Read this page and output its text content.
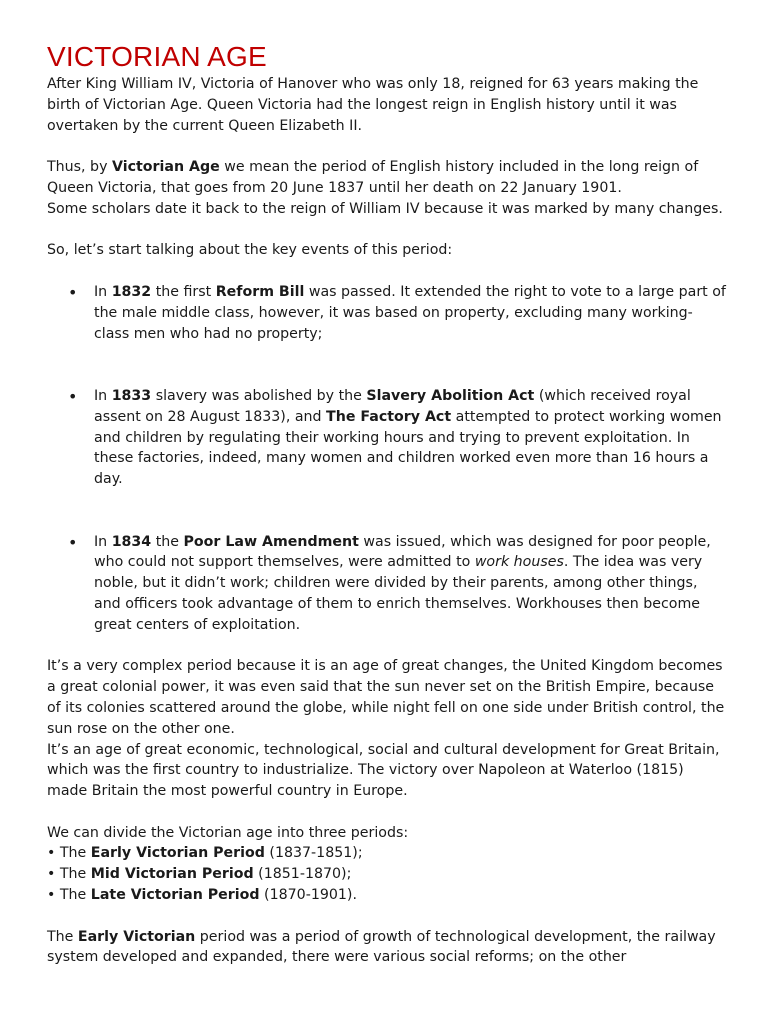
VICTORIAN AGE

After King William IV, Victoria of Hanover who was only 18, reigned for 63 years making the birth of Victorian Age. Queen Victoria had the longest reign in English history until it was overtaken by the current Queen Elizabeth II.

Thus, by Victorian Age we mean the period of English history included in the long reign of Queen Victoria, that goes from 20 June 1837 until her death on 22 January 1901.

Some scholars date it back to the reign of William IV because it was marked by many changes.

So, let’s start talking about the key events of this period:

• In 1832 the first Reform Bill was passed. It extended the right to vote to a large part of the male middle class, however, it was based on property, excluding many working-class men who had no property;
• In 1833 slavery was abolished by the Slavery Abolition Act (which received royal assent on 28 August 1833), and The Factory Act attempted to protect working women and children by regulating their working hours and trying to prevent exploitation. In these factories, indeed, many women and children worked even more than 16 hours a day.
• In 1834 the Poor Law Amendment was issued, which was designed for poor people, who could not support themselves, were admitted to work houses. The idea was very noble, but it didn’t work; children were divided by their parents, among other things, and officers took advantage of them to enrich themselves. Workhouses then become great centers of exploitation.

It’s a very complex period because it is an age of great changes, the United Kingdom becomes a great colonial power, it was even said that the sun never set on the British Empire, because of its colonies scattered around the globe, while night fell on one side under British control, the sun rose on the other one.

It’s an age of great economic, technological, social and cultural development for Great Britain, which was the first country to industrialize. The victory over Napoleon at Waterloo (1815) made Britain the most powerful country in Europe.

We can divide the Victorian age into three periods:

• The Early Victorian Period (1837-1851);

• The Mid Victorian Period (1851-1870);

• The Late Victorian Period (1870-1901).

The Early Victorian period was a period of growth of technological development, the railway system developed and expanded, there were various social reforms; on the other
